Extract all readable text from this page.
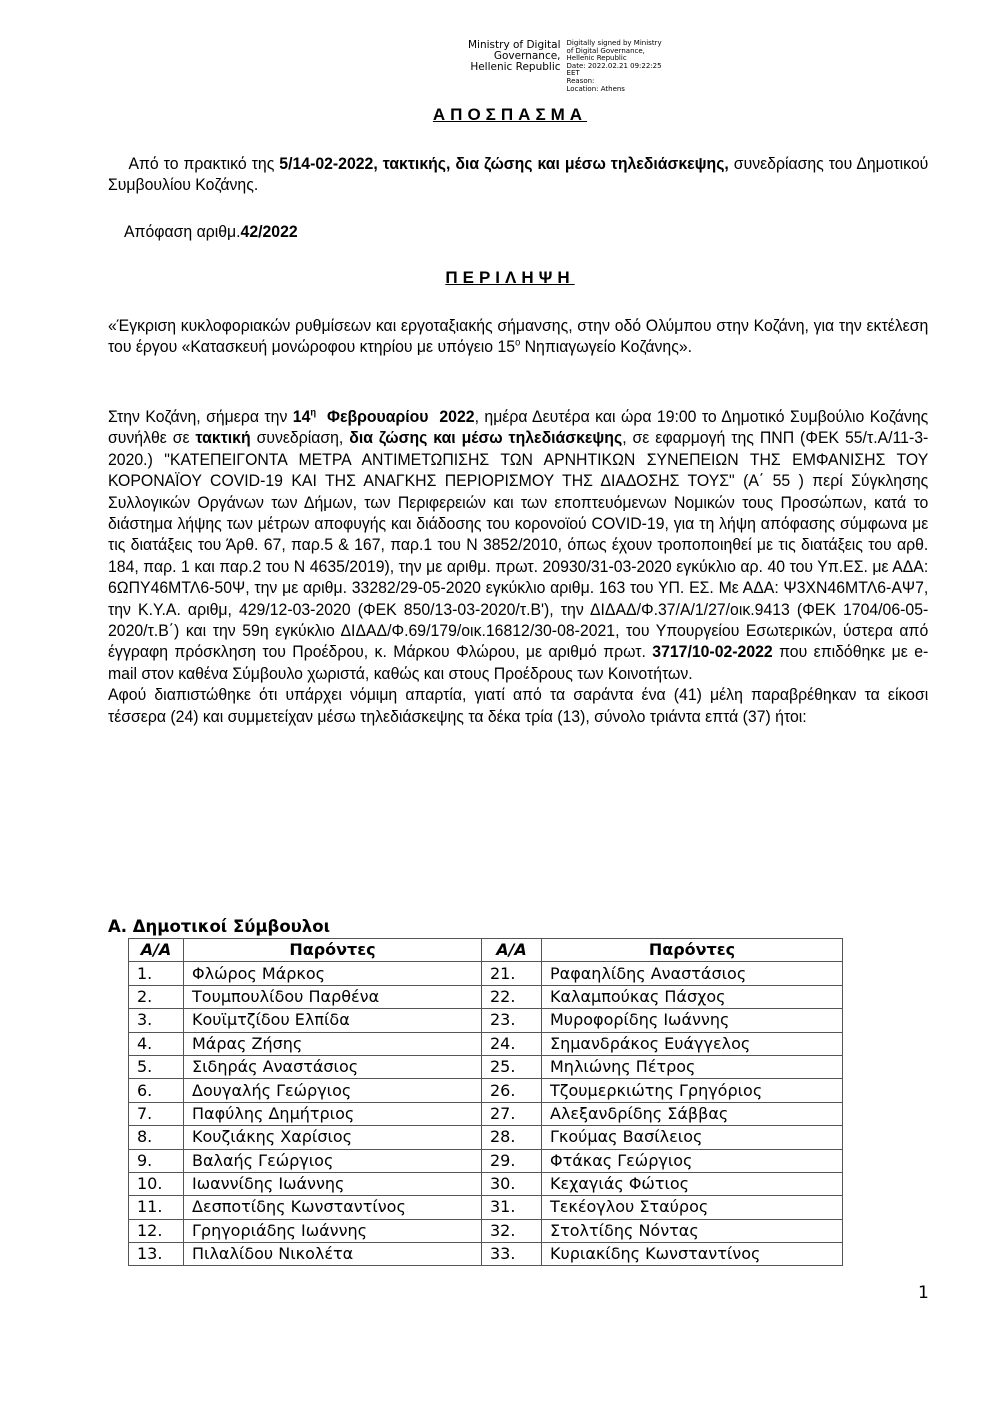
Ministry of Digital
Governance,
Hellenic Republic
Digitally signed by Ministry
of Digital Governance,
Hellenic Republic
Date: 2022.02.21 09:22:25
EET
Reason:
Location: Athens
ΑΠΟΣΠΑΣΜΑ
Από το πρακτικό της 5/14-02-2022, τακτικής, δια ζώσης και μέσω τηλεδιάσκεψης, συνεδρίασης του Δημοτικού Συμβουλίου Κοζάνης.
Απόφαση αριθμ.42/2022
ΠΕΡΙΛΗΨΗ
«Έγκριση κυκλοφοριακών ρυθμίσεων και εργοταξιακής σήμανσης, στην οδό Ολύμπου στην Κοζάνη, για την εκτέλεση του έργου «Κατασκευή μονώροφου κτηρίου με υπόγειο $15^o$ Νηπιαγωγείο Κοζάνης».
Στην Κοζάνη, σήμερα την $14^\eta$  Φεβρουαρίου  2022, ημέρα Δευτέρα και ώρα 19:00 το Δημοτικό Συμβούλιο Κοζάνης συνήλθε σε τακτική συνεδρίαση, δια ζώσης και μέσω τηλεδιάσκεψης, σε εφαρμογή της ΠΝΠ (ΦΕΚ 55/τ.Α/11-3-2020.) "ΚΑΤΕΠΕΙΓΟΝΤΑ ΜΕΤΡΑ ΑΝΤΙΜΕΤΩΠΙΣΗΣ ΤΩΝ ΑΡΝΗΤΙΚΩΝ ΣΥΝΕΠΕΙΩΝ ΤΗΣ ΕΜΦΑΝΙΣΗΣ ΤΟΥ ΚΟΡΟΝΑΪΟΥ COVID-19 ΚΑΙ ΤΗΣ ΑΝΑΓΚΗΣ ΠΕΡΙΟΡΙΣΜΟΥ ΤΗΣ ΔΙΑΔΟΣΗΣ ΤΟΥΣ" (Α΄ 55 ) περί Σύγκλησης Συλλογικών Οργάνων των Δήμων, των Περιφερειών και των εποπτευόμενων Νομικών τους Προσώπων, κατά το διάστημα λήψης των μέτρων αποφυγής και διάδοσης του κορονοϊού COVID-19, για τη λήψη απόφασης σύμφωνα με τις διατάξεις του Άρθ. 67, παρ.5 & 167, παρ.1 του Ν 3852/2010, όπως έχουν τροποποιηθεί με τις διατάξεις του αρθ. 184, παρ. 1 και παρ.2 του Ν 4635/2019), την με αριθμ. πρωτ. 20930/31-03-2020 εγκύκλιο αρ. 40 του Υπ.ΕΣ. με ΑΔΑ: 6ΩΠΥ46ΜΤΛ6-50Ψ, την με αριθμ. 33282/29-05-2020 εγκύκλιο αριθμ. 163 του ΥΠ. ΕΣ. Με ΑΔΑ: Ψ3ΧΝ46ΜΤΛ6-ΑΨ7, την Κ.Υ.Α. αριθμ, 429/12-03-2020 (ΦΕΚ 850/13-03-2020/τ.Β'), την ΔΙΔΑΔ/Φ.37/Α/1/27/οικ.9413 (ΦΕΚ 1704/06-05-2020/τ.Β΄) και την 59η εγκύκλιο ΔΙΔΑΔ/Φ.69/179/οικ.16812/30-08-2021, του Υπουργείου Εσωτερικών, ύστερα από έγγραφη πρόσκληση του Προέδρου, κ. Μάρκου Φλώρου, με αριθμό πρωτ. 3717/10-02-2022 που επιδόθηκε με e-mail στον καθένα Σύμβουλο χωριστά, καθώς και στους Προέδρους των Κοινοτήτων.
Αφού διαπιστώθηκε ότι υπάρχει νόμιμη απαρτία, γιατί από τα σαράντα ένα (41) μέλη παραβρέθηκαν τα είκοσι τέσσερα (24) και συμμετείχαν μέσω τηλεδιάσκεψης τα δέκα τρία (13), σύνολο τριάντα επτά (37) ήτοι:
Α. Δημοτικοί Σύμβουλοι
Α/Α	Παρόντες	Α/Α	Παρόντες
1.	Φλώρος Μάρκος	21.	Ραφαηλίδης Αναστάσιος
2.	Τουμπουλίδου Παρθένα	22.	Καλαμπούκας Πάσχος
3.	Κουϊμτζίδου Ελπίδα	23.	Μυροφορίδης Ιωάννης
4.	Μάρας Ζήσης	24.	Σημανδράκος Ευάγγελος
5.	Σιδηράς Αναστάσιος	25.	Μηλιώνης Πέτρος
6.	Δουγαλής Γεώργιος	26.	Τζουμερκιώτης Γρηγόριος
7.	Παφύλης Δημήτριος	27.	Αλεξανδρίδης Σάββας
8.	Κουζιάκης Χαρίσιος	28.	Γκούμας Βασίλειος
9.	Βαλαής Γεώργιος	29.	Φτάκας Γεώργιος
10.	Ιωαννίδης Ιωάννης	30.	Κεχαγιάς Φώτιος
11.	Δεσποτίδης Κωνσταντίνος	31.	Τεκέογλου Σταύρος
12.	Γρηγοριάδης Ιωάννης	32.	Στολτίδης Νόντας
13.	Πιλαλίδου Νικολέτα	33.	Κυριακίδης Κωνσταντίνος
1
